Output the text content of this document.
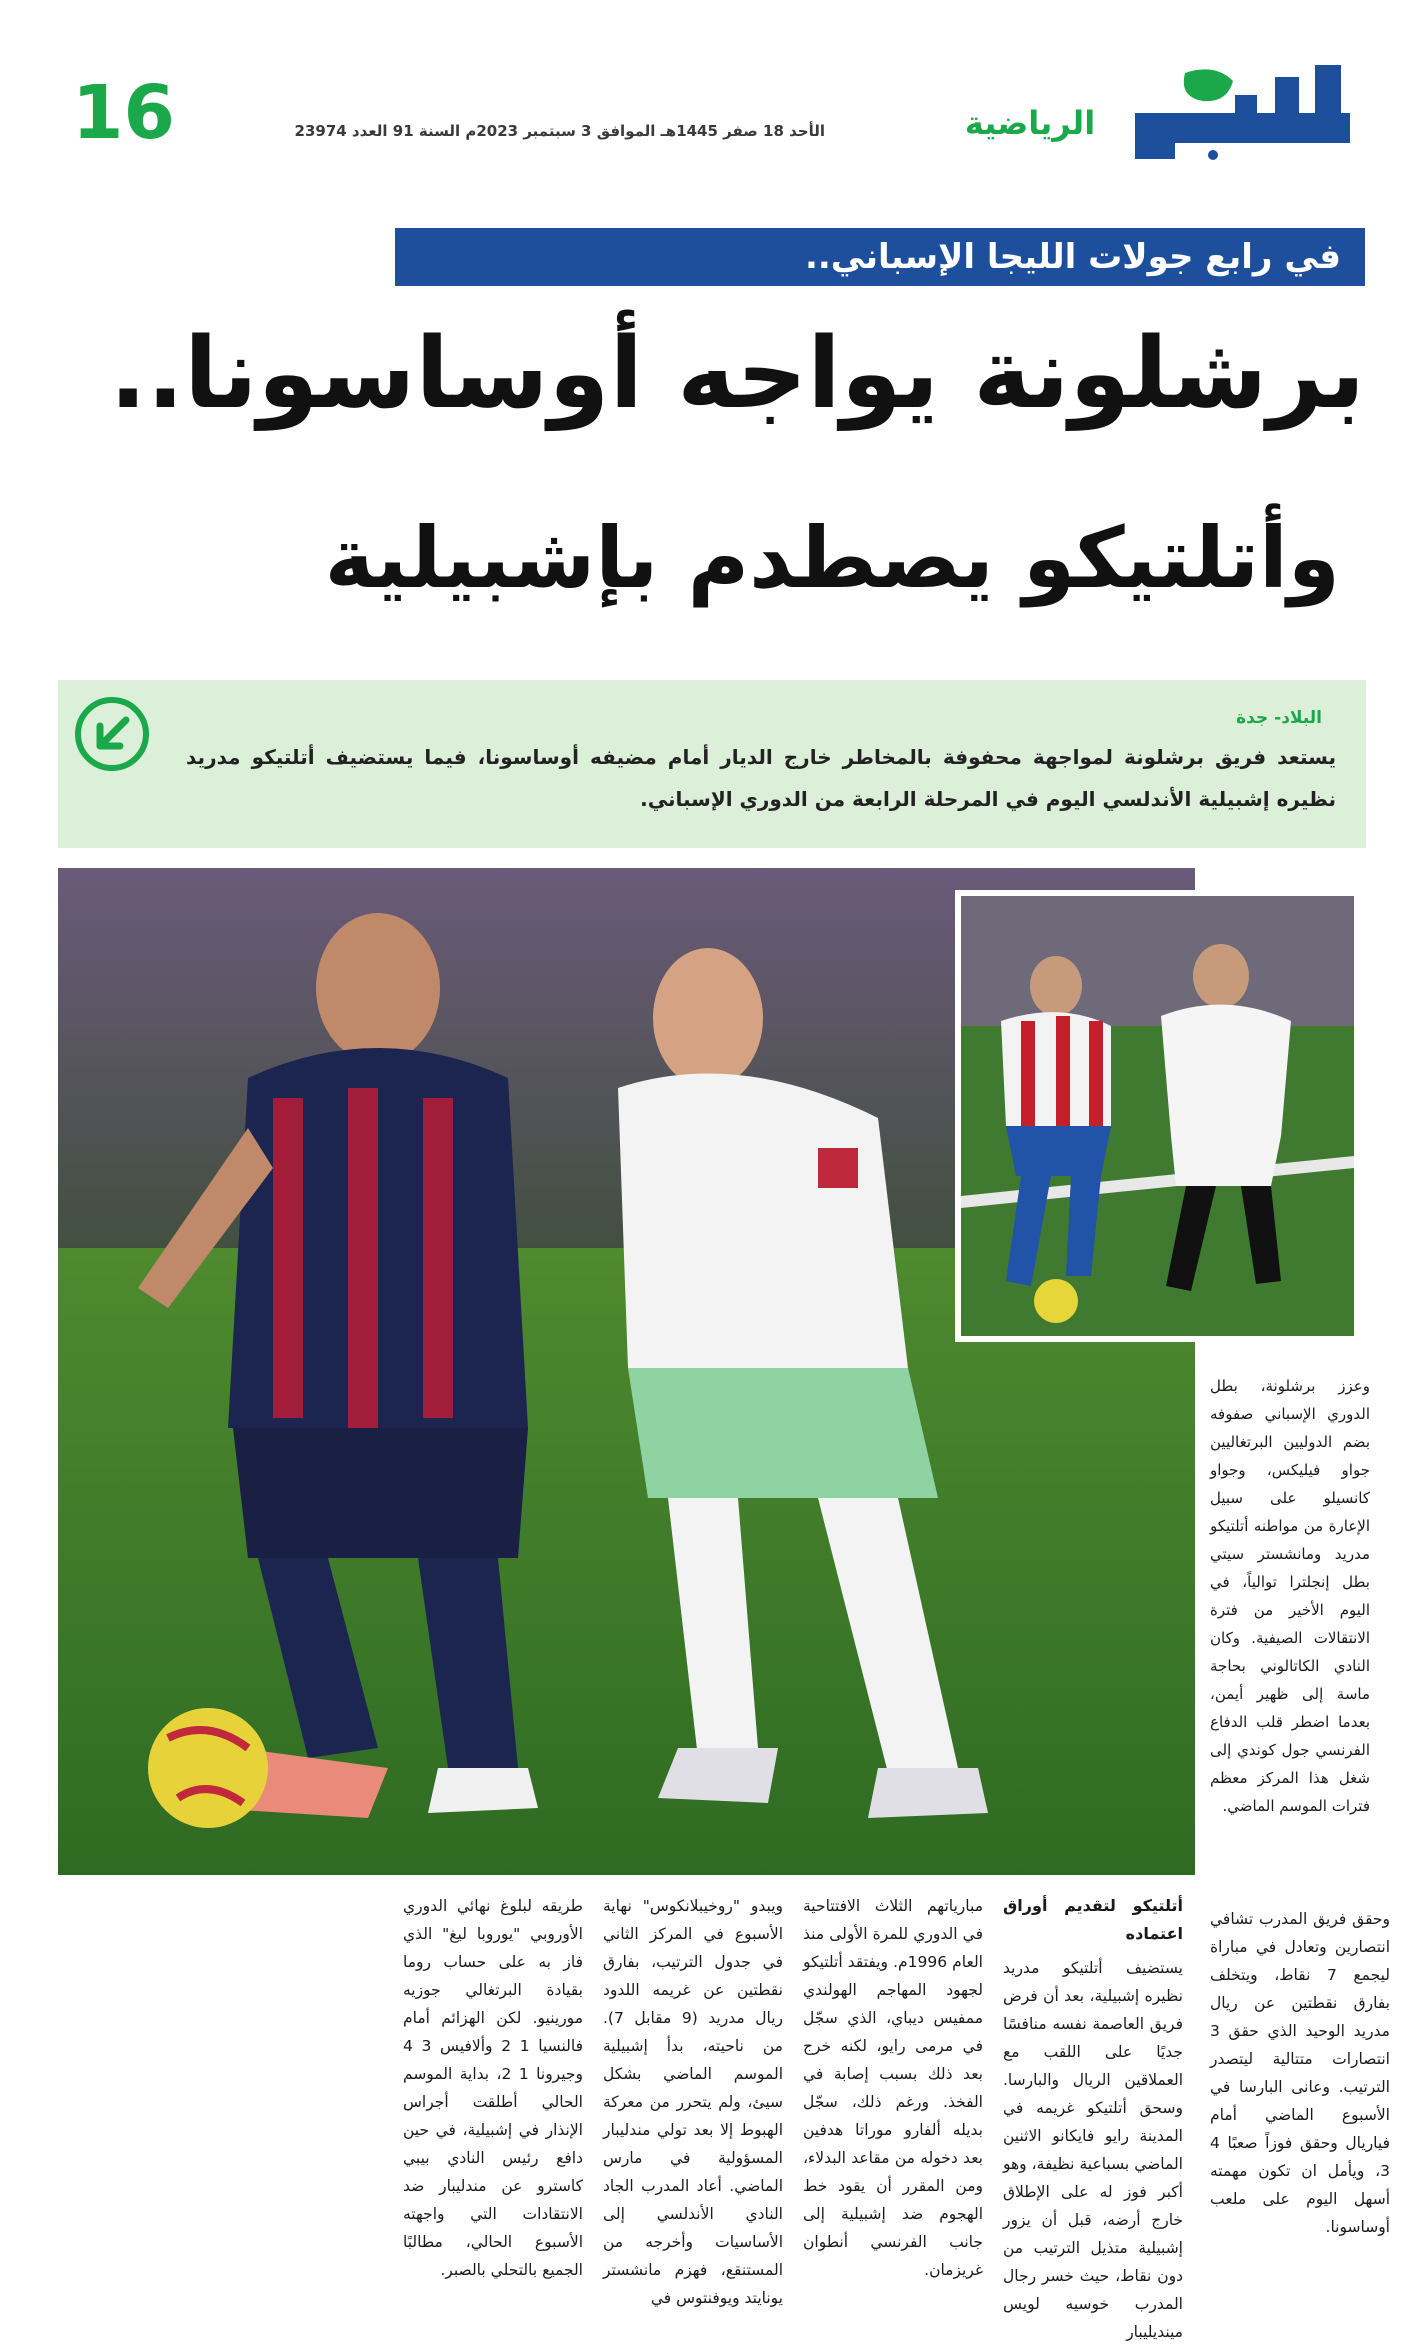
16	الأحد 18 صفر 1445هـ الموافق 3 سبتمبر 2023م السنة 91 العدد 23974	الرياضية
في رابع جولات الليجا الإسباني..
برشلونة يواجه أوساسونا..
وأتلتيكو يصطدم بإشبيلية
البلاد- جدة
يستعد فريق برشلونة لمواجهة محفوفة بالمخاطر خارج الديار أمام مضيفه أوساسونا، فيما يستضيف أتلتيكو مدريد نظيره إشبيلية الأندلسي اليوم في المرحلة الرابعة من الدوري الإسباني.
وعزز برشلونة، بطل الدوري الإسباني صفوفه بضم الدوليين البرتغاليين جواو فيليكس، وجواو كانسيلو على سبيل الإعارة من مواطنه أتلتيكو مدريد ومانشستر سيتي بطل إنجلترا توالياً، في اليوم الأخير من فترة الانتقالات الصيفية. وكان النادي الكاتالوني بحاجة ماسة إلى ظهير أيمن، بعدما اضطر قلب الدفاع الفرنسي جول كوندي إلى شغل هذا المركز معظم فترات الموسم الماضي.
وحقق فريق المدرب تشافي انتصارين وتعادل في مباراة ليجمع 7 نقاط، ويتخلف بفارق نقطتين عن ريال مدريد الوحيد الذي حقق 3 انتصارات متتالية ليتصدر الترتيب. وعانى البارسا في الأسبوع الماضي أمام فياريال وحقق فوزاً صعبًا 4 3، ويأمل ان تكون مهمته أسهل اليوم على ملعب أوساسونا.

أتلتيكو لتقديم أوراق اعتماده

يستضيف أتلتيكو مدريد نظيره إشبيلية، بعد أن فرض فريق العاصمة نفسه منافسًا جديًا على اللقب مع العملاقين الريال والبارسا. وسحق أتلتيكو غريمه في المدينة رايو فايكانو الاثنين الماضي بسباعية نظيفة، وهو أكبر فوز له على الإطلاق خارج أرضه، قبل أن يزور إشبيلية متذيل الترتيب من دون نقاط، حيث خسر رجال المدرب خوسيه لويس مينديليبار

مبارياتهم الثلاث الافتتاحية في الدوري للمرة الأولى منذ العام 1996م. ويفتقد أتلتيكو لجهود المهاجم الهولندي ممفيس ديباي، الذي سجّل في مرمى رايو، لكنه خرج بعد ذلك بسبب إصابة في الفخذ. ورغم ذلك، سجّل بديله ألفارو موراتا هدفين بعد دخوله من مقاعد البدلاء، ومن المقرر أن يقود خط الهجوم ضد إشبيلية إلى جانب الفرنسي أنطوان غريزمان.
ويبدو "روخيبلانكوس" نهاية الأسبوع في المركز الثاني في جدول الترتيب، بفارق نقطتين عن غريمه اللدود ريال مدريد (9 مقابل 7). من ناحيته، بدأ إشبيلية الموسم الماضي بشكل سيئ، ولم يتحرر من معركة الهبوط إلا بعد تولي مندليبار المسؤولية في مارس الماضي. أعاد المدرب الجاد النادي الأندلسي إلى الأساسيات وأخرجه من المستنقع، فهزم مانشستر يونايتد ويوفنتوس في
طريقه لبلوغ نهائي الدوري الأوروبي "يوروبا ليغ" الذي فاز به على حساب روما بقيادة البرتغالي جوزيه مورينيو. لكن الهزائم أمام فالنسيا 1 2 وألافيس 3 4 وجيرونا 1 2، بداية الموسم الحالي أطلقت أجراس الإنذار في إشبيلية، في حين دافع رئيس النادي بيبي كاسترو عن مندليبار ضد الانتقادات التي واجهته الأسبوع الحالي، مطالبًا الجميع بالتحلي بالصبر.
